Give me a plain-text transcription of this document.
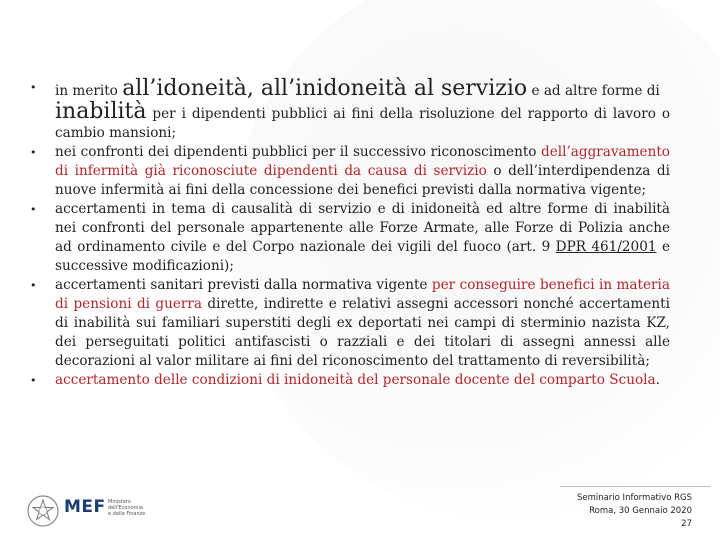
• in merito all’idoneità, all’inidoneità al servizio e ad altre forme di
inabilità per i dipendenti pubblici ai fini della risoluzione del rapporto di lavoro o cambio mansioni;
• nei confronti dei dipendenti pubblici per il successivo riconoscimento dell’aggravamento di infermità già riconosciute dipendenti da causa di servizio o dell’interdipendenza di nuove infermità ai fini della concessione dei benefici previsti dalla normativa vigente;
• accertamenti in tema di causalità di servizio e di inidoneità ed altre forme di inabilità nei confronti del personale appartenente alle Forze Armate, alle Forze di Polizia anche ad ordinamento civile e del Corpo nazionale dei vigili del fuoco (art. 9 DPR 461/2001 e successive modificazioni);
• accertamenti sanitari previsti dalla normativa vigente per conseguire benefici in materia di pensioni di guerra dirette, indirette e relativi assegni accessori nonché accertamenti di inabilità sui familiari superstiti degli ex deportati nei campi di sterminio nazista KZ, dei perseguitati politici antifascisti o razziali e dei titolari di assegni annessi alle decorazioni al valor militare ai fini del riconoscimento del trattamento di reversibilità;
• accertamento delle condizioni di inidoneità del personale docente del comparto Scuola.
MEF Ministero
dell'Economia
e delle Finanze
Seminario Informativo RGS
Roma, 30 Gennaio 2020
27
